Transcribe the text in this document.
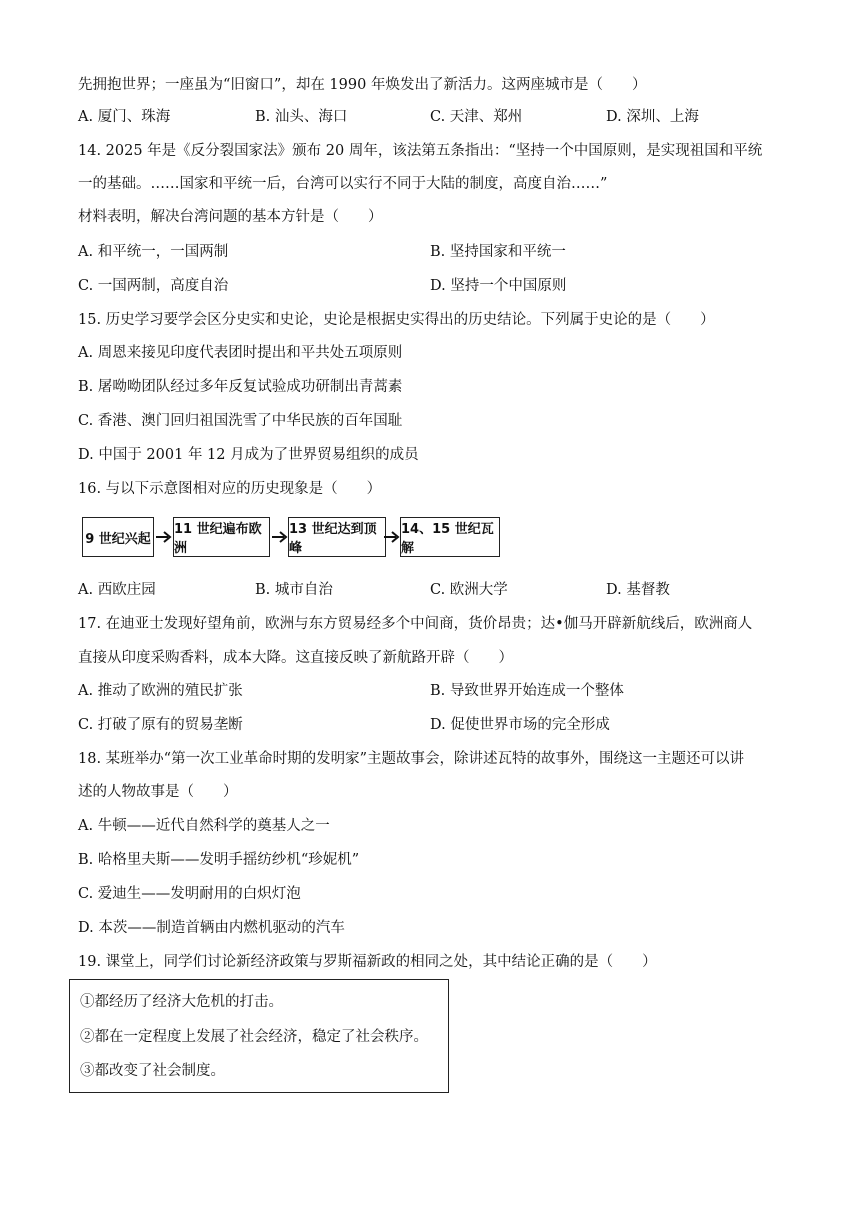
先拥抱世界；一座虽为“旧窗口”，却在 1990 年焕发出了新活力。这两座城市是（　　）
A. 厦门、珠海	B. 汕头、海口	C. 天津、郑州	D. 深圳、上海
14. 2025 年是《反分裂国家法》颁布 20 周年，该法第五条指出：“坚持一个中国原则，是实现祖国和平统
一的基础。……国家和平统一后，台湾可以实行不同于大陆的制度，高度自治……”
材料表明，解决台湾问题的基本方针是（　　）
A. 和平统一，一国两制	B. 坚持国家和平统一
C. 一国两制，高度自治	D. 坚持一个中国原则
15. 历史学习要学会区分史实和史论，史论是根据史实得出的历史结论。下列属于史论的是（　　）
A. 周恩来接见印度代表团时提出和平共处五项原则
B. 屠呦呦团队经过多年反复试验成功研制出青蒿素
C. 香港、澳门回归祖国洗雪了中华民族的百年国耻
D. 中国于 2001 年 12 月成为了世界贸易组织的成员
16. 与以下示意图相对应的历史现象是（　　）
9 世纪兴起
11 世纪遍布欧洲
13 世纪达到顶峰
14、15 世纪瓦解
A. 西欧庄园	B. 城市自治	C. 欧洲大学	D. 基督教
17. 在迪亚士发现好望角前，欧洲与东方贸易经多个中间商，货价昂贵；达•伽马开辟新航线后，欧洲商人
直接从印度采购香料，成本大降。这直接反映了新航路开辟（　　）
A. 推动了欧洲的殖民扩张	B. 导致世界开始连成一个整体
C. 打破了原有的贸易垄断	D. 促使世界市场的完全形成
18. 某班举办“第一次工业革命时期的发明家”主题故事会，除讲述瓦特的故事外，围绕这一主题还可以讲
述的人物故事是（　　）
A. 牛顿——近代自然科学的奠基人之一
B. 哈格里夫斯——发明手摇纺纱机“珍妮机”
C. 爱迪生——发明耐用的白炽灯泡
D. 本茨——制造首辆由内燃机驱动的汽车
19. 课堂上，同学们讨论新经济政策与罗斯福新政的相同之处，其中结论正确的是（　　）
①都经历了经济大危机的打击。
②都在一定程度上发展了社会经济，稳定了社会秩序。
③都改变了社会制度。
